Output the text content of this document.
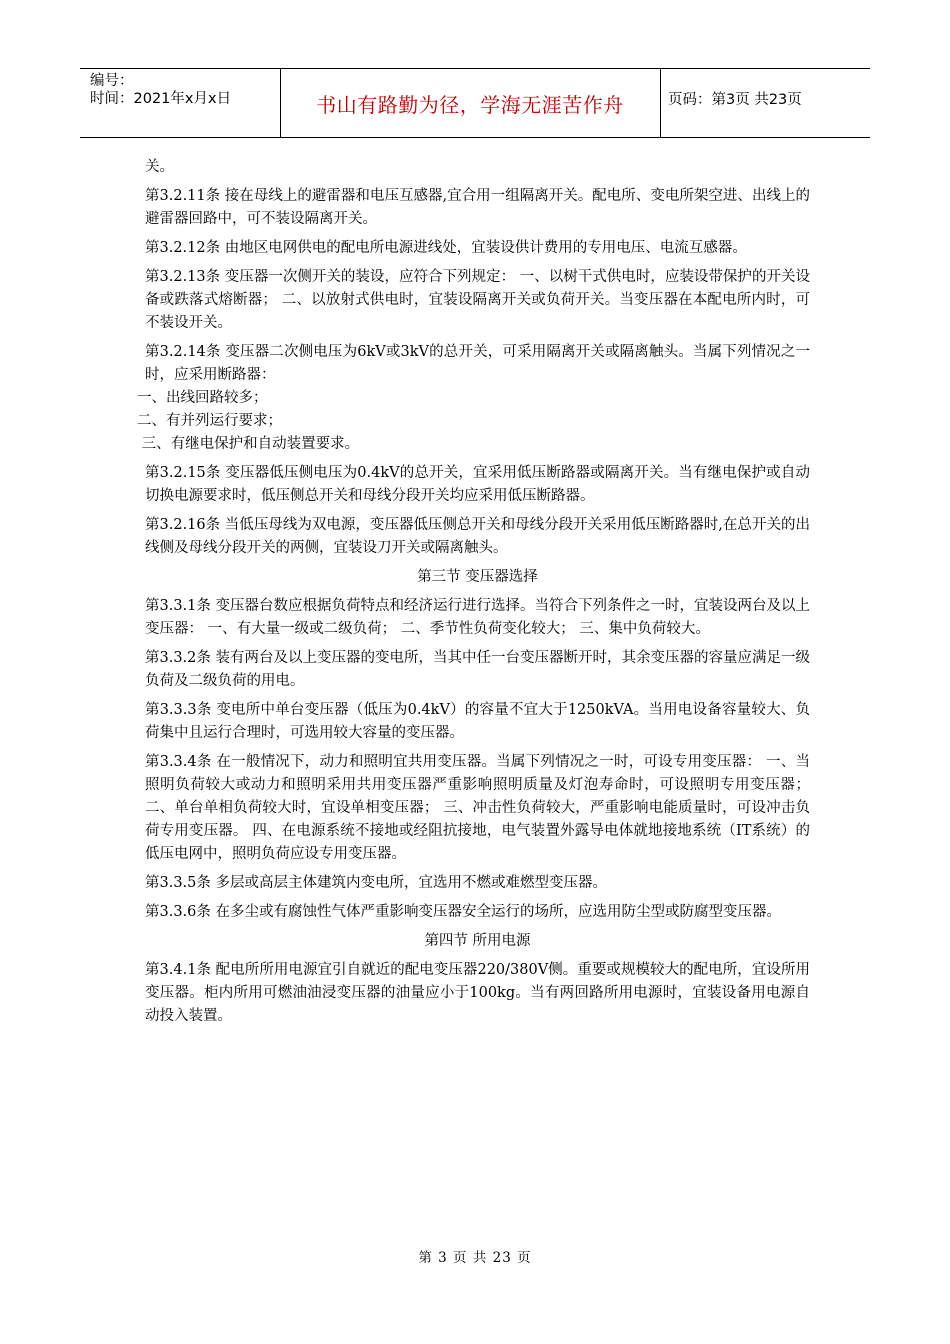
编号：
时间：2021年x月x日	书山有路勤为径，学海无涯苦作舟	页码：第3页 共23页

关。

第3.2.11条 接在母线上的避雷器和电压互感器,宜合用一组隔离开关。配电所、变电所架空进、出线上的避雷器回路中，可不装设隔离开关。

第3.2.12条 由地区电网供电的配电所电源进线处，宜装设供计费用的专用电压、电流互感器。

第3.2.13条 变压器一次侧开关的装设，应符合下列规定： 一、以树干式供电时，应装设带保护的开关设备或跌落式熔断器； 二、以放射式供电时，宜装设隔离开关或负荷开关。当变压器在本配电所内时，可不装设开关。

第3.2.14条 变压器二次侧电压为6kV或3kV的总开关，可采用隔离开关或隔离触头。当属下列情况之一时，应采用断路器：

一、出线回路较多；

二、有并列运行要求；

三、有继电保护和自动装置要求。

第3.2.15条 变压器低压侧电压为0.4kV的总开关，宜采用低压断路器或隔离开关。当有继电保护或自动切换电源要求时，低压侧总开关和母线分段开关均应采用低压断路器。

第3.2.16条 当低压母线为双电源，变压器低压侧总开关和母线分段开关采用低压断路器时,在总开关的出线侧及母线分段开关的两侧，宜装设刀开关或隔离触头。

第三节 变压器选择

第3.3.1条 变压器台数应根据负荷特点和经济运行进行选择。当符合下列条件之一时，宜装设两台及以上变压器： 一、有大量一级或二级负荷； 二、季节性负荷变化较大； 三、集中负荷较大。

第3.3.2条 装有两台及以上变压器的变电所，当其中任一台变压器断开时，其余变压器的容量应满足一级负荷及二级负荷的用电。

第3.3.3条 变电所中单台变压器（低压为0.4kV）的容量不宜大于1250kVA。当用电设备容量较大、负荷集中且运行合理时，可选用较大容量的变压器。

第3.3.4条 在一般情况下，动力和照明宜共用变压器。当属下列情况之一时，可设专用变压器： 一、当照明负荷较大或动力和照明采用共用变压器严重影响照明质量及灯泡寿命时，可设照明专用变压器； 二、单台单相负荷较大时，宜设单相变压器； 三、冲击性负荷较大，严重影响电能质量时，可设冲击负荷专用变压器。 四、在电源系统不接地或经阻抗接地，电气装置外露导电体就地接地系统（IT系统）的低压电网中，照明负荷应设专用变压器。

第3.3.5条 多层或高层主体建筑内变电所，宜选用不燃或难燃型变压器。

第3.3.6条 在多尘或有腐蚀性气体严重影响变压器安全运行的场所，应选用防尘型或防腐型变压器。

第四节 所用电源

第3.4.1条 配电所所用电源宜引自就近的配电变压器220/380V侧。重要或规模较大的配电所，宜设所用变压器。柜内所用可燃油油浸变压器的油量应小于100kg。当有两回路所用电源时，宜装设备用电源自动投入装置。

第 3 页 共 23 页
